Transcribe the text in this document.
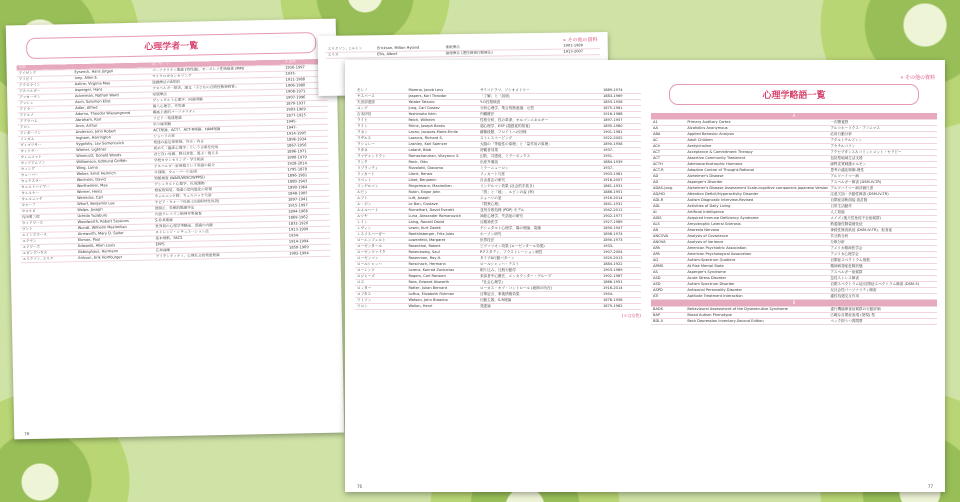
心理学者一覧
名前		キーワード	生没年
アイゼンク	Eysenck, Hans Jürgen	パーソナリティ理論 (特性論)、モーズレイ性格検査 (MPI)	1916-1997
アイビイ	Ivey, Allen E.	マイクロカウンセリング	1933-
アクスライン	Axline, Virginia Mae	遊戯療法の8原則	1911-1988
アスペルガー	Asperger, Hans	アスペルガー障害、論文「子どもの自閉性精神病質」	1906-1980
アッカーマン	Ackerman, Nathan Ward	家族療法	1908-1971
アッシュ	Asch, Solomon Eliot	ゲシュタルト心理学、同調実験	1907-1996
アドラー	Adler, Alfred	個人心理学、劣等感	1870-1937
アドルノ	Adorno, Theodor Wiesengrund	権威主義的パーソナリティ	1903-1969
アブラハム	Abraham, Karl	リビドー発達理論	1877-1925
アロン	Aron, Arthur	吊り橋実験	1945-
アンダーソン	Anderson, John Robert	ACT理論、ACT*、ACT-R理論、HAM理論	1947-
インガム	Ingham, Harrington	ジョハリの窓	1914-1995
ヴィゴツキー	Vygotsky, Lev Semenovich	発達の最近接領域、外言・内言	1896-1934
ウィトマー	Witmer, Lightner	初めて「臨床心理学」という言葉を使用	1867-1956
ウィニコット	Winnicott, Donald Woods	ほど良い母親、移行対象、遊ぶ・抱える	1896-1971
ウィリアムソン	Williamson, Edmund Griffith	学校カウンセリング・学生相談	1900-1979
ウィング	Wing, Lorna	アスペルガー症候群という用語の紹介	1928-2014
ウェーバー	Weber, Ernst Heinrich	弁別閾、ウェーバーの法則	1795-1878
ウェクスラー	Wechsler, David	知能検査 (WAIS/WISC/WPPSI)	1896-1981
ウェルトハイマー	Wertheimer, Max	ゲシュタルト心理学、仮現運動	1880-1943
ウェルナー	Werner, Heinz	相貌的知覚、発達の定向進化の原理	1890-1964
ウェルニッケ	Wernicke, Carl	ウェルニッケ野、ウェルニッケ失語	1848-1905
ウォーフ	Whorf, Benjamin Lee	サピア・ウォーフ仮説 (言語相対性仮説)	1897-1941
ウォルピ	Wolpe, Joseph	逆制止、系統的脱感作法	1915-1997
内田勇三郎	Uchida Yuzaburo	内田クレペリン精神作業検査	1894-1966
ウッドワース	Woodworth, Robert Sessions	S-O-R理論	1869-1962
ヴント	Wundt, Wilhelm Maximilian	世界初の心理学実験室、意識の内観	1832-1920
エインズワース	Ainsworth, Mary D. Salter	ストレンジ・シチュエーション法	1913-1999
エクマン	Ekman, Paul	基本情動、FACS	1934-
エドワーズ	Edwards, Allen Louis	EPPS	1914-1994
エビングハウス	Ebbinghaus, Hermann	忘却曲線	1850-1909
エリクソン, エリク	Erikson, Erik Homburger	アイデンティティ、心理社会的発達理論	1902-1994
76
» その他の資料
エリクソン, ミルトン	Erickson, Milton Hyland	催眠療法	1901-1980
エリス	Ellis, Albert	論理療法 (理性感情行動療法)	1913-2007
モレノ	Moreno, Jacob Levy	サイコドラマ、ソシオメトリー	1889-1974
ヤスパース	Jaspers, Karl Theodor	「了解」と「説明」	1883-1969
矢田部達郎	Yatabe Tatsuro	Y-G性格検査	1893-1958
ユング	Jung, Carl Gustav	分析心理学、集合的無意識、元型	1875-1961
吉本伊信	Yoshimoto Ishin	内観療法	1916-1988
ライヒ	Reich, Wilhelm	性格分析、性の革命、オルゴンエネルギー	1897-1957
ライン	Rhine, Joseph Banks	超心理学、ESP (超感覚的知覚)	1895-1980
ラカン	Lacan, Jacques-Marie-Émile	鏡像段階、フロイトへの回帰	1901-1981
ラザルス	Lazarus, Richard S.	ストレスコーピング	1922-2002
ラシュレー	Lashley, Karl Spencer	大脳の「等能性の原理」と「量作用の原理」	1890-1958
ラタネ	Latané, Bibb	傍観者効果	1937-
ラマチャンドラン	Ramachandran, Vilayanur S.	幻肢、共感覚、ミラーボックス	1951-
ランク	Rank, Otto	出産外傷説	1884-1939
リゾラッティ	Rizzolatti, Giacomo	ミラーニューロン	1937-
リッカート	Likert, Rensis	リッカート尺度	1903-1981
リベット	Libet, Benjamin	自由意志の研究	1916-2007
リンゲルマン	Ringelmann, Maximilien	リンゲルマン効果 (社会的手抜き)	1861-1931
ルビン	Rubin, Edgar John	「図」と「地」、ルビンの盃 (杯)	1886-1951
ルフト	Luft, Joseph	ジョハリの窓	1916-2014
ル・ボン	Le Bon, Gustave	『群衆心理』	1841-1931
ルメルハート	Rumelhart, David Everett	並列分散処理 (PDP) モデル	1942-2011
ルリヤ	Luria, Alexander Romanovich	神経心理学、失語症の研究	1902-1977
レイン	Laing, Ronald David	反精神医学	1927-1989
レヴィン	Lewin, Kurt Zadek	ゲシュタルト心理学、場の理論、葛藤	1890-1947
レスリスバーガー	Roethlisberger, Fritz Jules	ホーソン研究	1898-1974
ローエンフェルト	Lowenfeld, Margaret	世界技法	1890-1973
ローゼンタール	Rosenthal, Robert	ピグマリオン効果 (ローゼンタール効果)	1933-
ローゼンツァイク	Rosenzweig, Saul	P-Fスタディ、フラストレーション耐性	1907-2004
ローゼンマン	Rosenman, Ray H.	タイプA行動パターン	1920-2013
ロールシャッハ	Rorschach, Hermann	ロールシャッハ・テスト	1884-1922
ローレンツ	Lorenz, Konrad Zacharias	刷り込み、比較行動学	1903-1989
ロジャーズ	Rogers, Carl Ransom	来談者中心療法、エンカウンター・グループ	1902-1987
ロス	Ross, Edward Alsworth	『社会心理学』	1866-1951
ロッター	Rotter, Julian Bernard	ローカス・オブ・コントロール (統制の所在)	1916-2014
ロフタス	Loftus, Elizabeth Fishman	目撃証言、事後情報効果	1944-
ワトソン	Watson, John Broadus	行動主義、S-R理論	1878-1958
ワロン	Wallon, Henri	発達論	1879-1962
(＊は女性)
76
» その他の資料
心理学略語一覧
A		
A1	Primary Auditory Cortex	一次聴覚野
AA	Alcoholics Anonymous	アルコホーリクス・アノニマス
ABA	Applied Behavior Analysis	応用行動分析
AC	Adult Children	アダルトチルドレン
ACh	Acetylcholine	アセチルコリン
ACT	Acceptance & Commitment Therapy	アクセプタンス＆コミットメント・セラピー
ACT	Assertive Community Treatment	包括型地域生活支援
ACTH	Adrenocorticotrophic Hormone	副腎皮質刺激ホルモン
ACT-R	Adaptive Control of Thought-Rational	思考の適応制御-理性
AD	Alzheimer's Disease	アルツハイマー病
AD	Asperger's Disorder	アスペルガー障害 (DSM-IV-TR)
ADAS-Jcog.	Alzheimer's Disease Assessment Scale-cognitive component-Japanese Version	アルツハイマー病評価尺度
AD/HD	Attention Deficit/Hyperactivity Disorder	注意欠如・多動性障害 (DSM-IV-TR)
ADI-R	Autism Diagnostic Interview-Revised	自閉症診断面接 改訂版
ADL	Activities of Daily Living	日常生活動作
AI	Artificial Intelligence	人工知能
AIDS	Acquired Immune Deficiency Syndrome	エイズ (後天性免疫不全症候群)
ALS	Amyotrophic Lateral Sclerosis	筋萎縮性側索硬化症
AN	Anorexia Nervosa	神経性無食欲症 (DSM-IV-TR)、拒食症
ANCOVA	Analysis of Covariance	共分散分析
ANOVA	Analysis of Variance	分散分析
APA	American Psychiatric Association	アメリカ精神医学会
APA	American Psychological Association	アメリカ心理学会
AQ	Autism-Spectrum Quotient	自閉症スペクトラム指数
ARMS	At Risk Mental State	精神病発症危険状態
AS	Asperger's Syndrome	アスペルガー症候群
ASD	Acute Stress Disorder	急性ストレス障害
ASD	Autism Spectrum Disorder	自閉スペクトラム症/自閉症スペクトラム障害 (DSM-5)
ASPD	Antisocial Personality Disorder	反社会性パーソナリティ障害
ATI	Aptitude Treatment Interaction	適性処遇交互作用
B		
BADS	Behavioural Assessment of the Dysexecutive Syndrome	遂行機能障害症候群の行動評価
BAP	Broad Autism Phenotype	広範な自閉症表現 (発現) 型
BDI-II	Beck Depression Inventory-Second Edition	ベック抑うつ質問票
77
